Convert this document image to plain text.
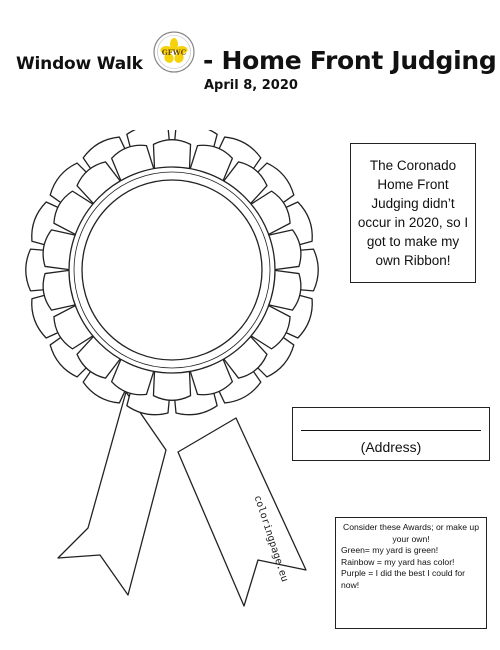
Window Walk
GFWC - Home Front Judging
April 8, 2020
coloringpage.eu
The Coronado
Home Front
Judging didn’t
occur in 2020, so I
got to make my
own Ribbon!
(Address)
Consider these Awards; or make up your own!
Green= my yard is green!
Rainbow = my yard has color!
Purple = I did the best I could for now!
